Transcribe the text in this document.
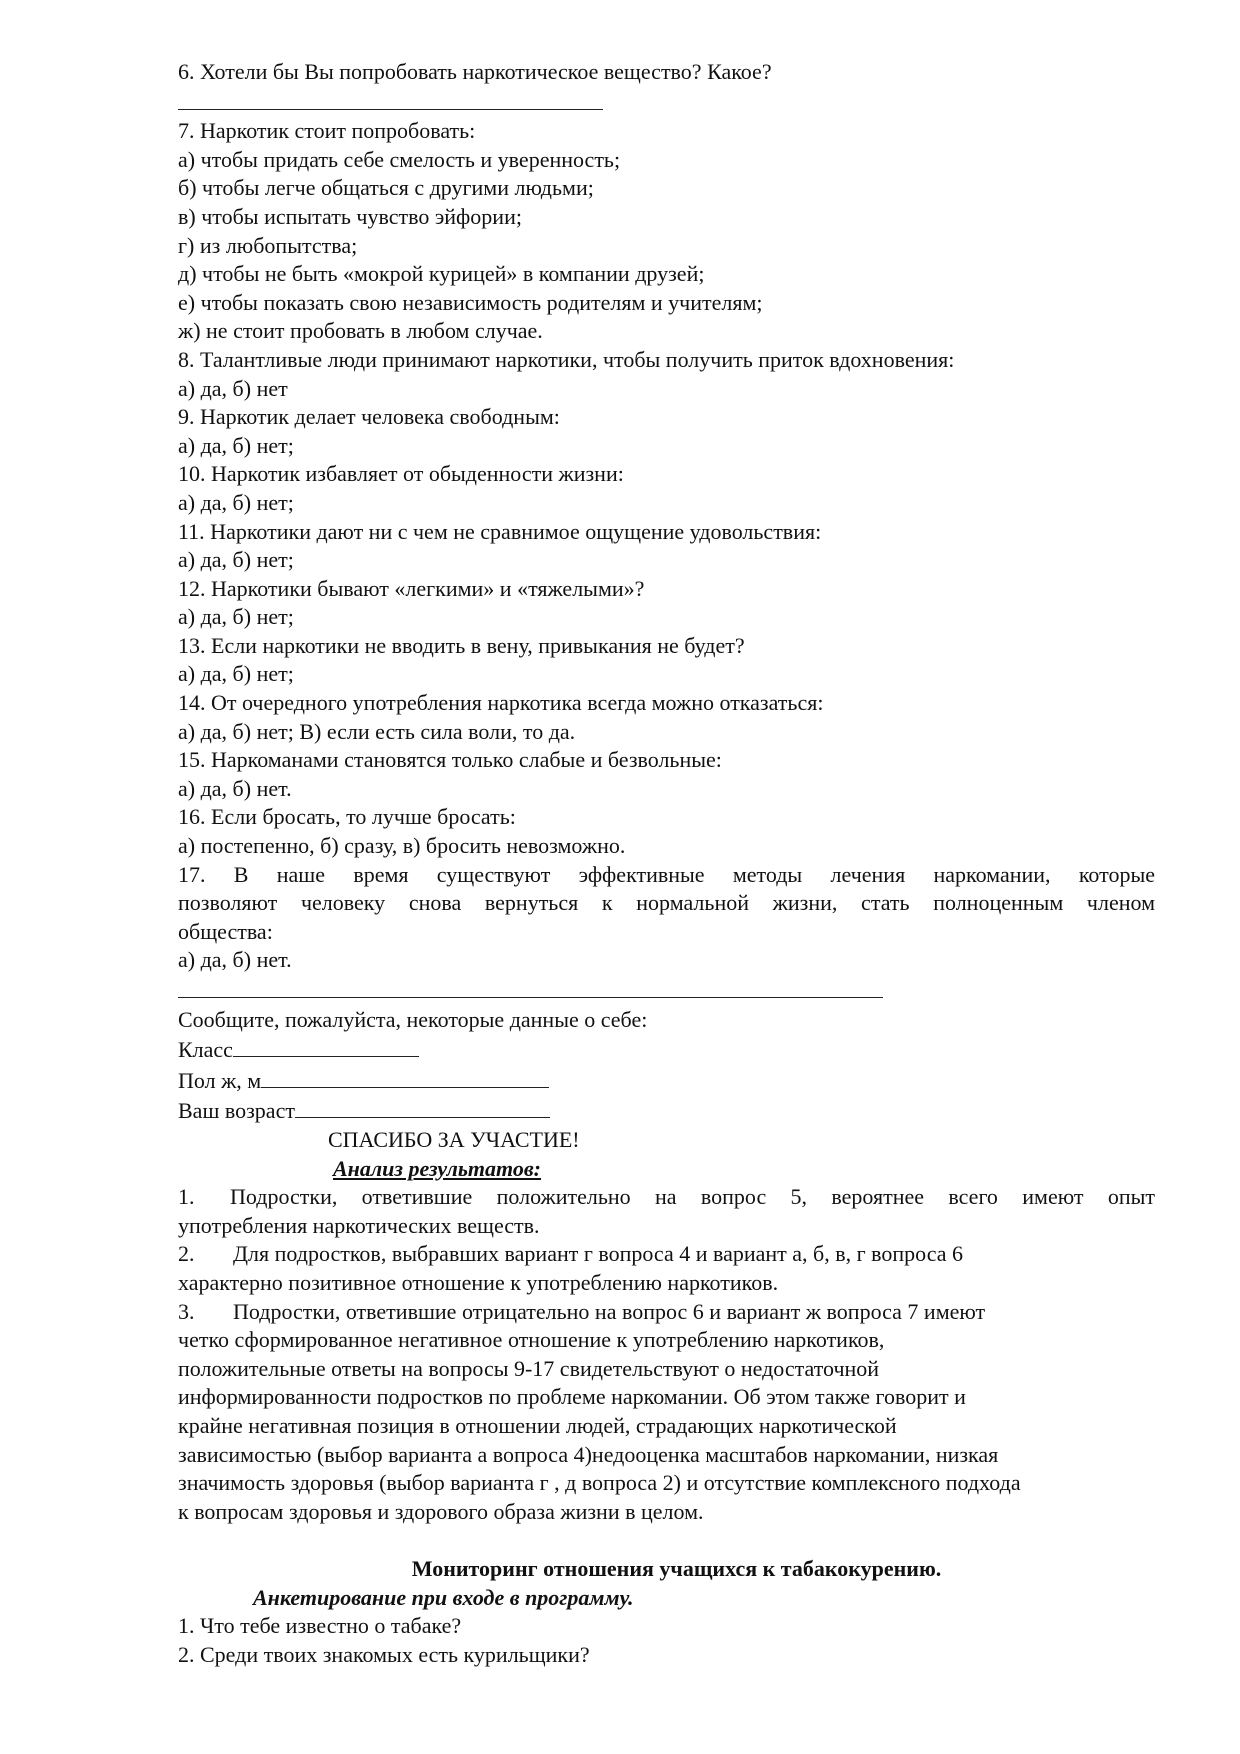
6. Хотели бы Вы попробовать наркотическое вещество? Какое?
7. Наркотик стоит попробовать:
а) чтобы придать себе смелость и уверенность;
б) чтобы легче общаться с другими людьми;
в) чтобы испытать чувство эйфории;
г) из любопытства;
д) чтобы не быть «мокрой курицей» в компании друзей;
е) чтобы показать свою независимость родителям и учителям;
ж) не стоит пробовать в любом случае.
8. Талантливые люди принимают наркотики, чтобы получить приток вдохновения:
а) да, б) нет
9. Наркотик делает человека свободным:
а) да, б) нет;
10. Наркотик избавляет от обыденности жизни:
а) да, б) нет;
11. Наркотики дают ни с чем не сравнимое ощущение удовольствия:
а) да, б) нет;
12. Наркотики бывают «легкими» и «тяжелыми»?
а) да, б) нет;
13. Если наркотики не вводить в вену, привыкания не будет?
а) да, б) нет;
14. От очередного употребления наркотика всегда можно отказаться:
а) да, б) нет; В) если есть сила воли, то да.
15. Наркоманами становятся только слабые и безвольные:
а) да, б) нет.
16. Если бросать, то лучше бросать:
а) постепенно, б) сразу, в) бросить невозможно.
17. В наше время существуют эффективные методы лечения наркомании, которые
позволяют человеку снова вернуться к нормальной жизни, стать полноценным членом
общества:
а) да, б) нет.
Сообщите, пожалуйста, некоторые данные о себе:
Класс
Пол ж, м
Ваш возраст
СПАСИБО ЗА УЧАСТИЕ!
Анализ результатов:
1. Подростки, ответившие положительно на вопрос 5, вероятнее всего имеют опыт
употребления наркотических веществ.
2. Для подростков, выбравших вариант г вопроса 4 и вариант а, б, в, г вопроса 6
характерно позитивное отношение к употреблению наркотиков.
3. Подростки, ответившие отрицательно на вопрос 6 и вариант ж вопроса 7 имеют
четко сформированное негативное отношение к употреблению наркотиков,
положительные ответы на вопросы 9-17 свидетельствуют о недостаточной
информированности подростков по проблеме наркомании. Об этом также говорит и
крайне негативная позиция в отношении людей, страдающих наркотической
зависимостью (выбор варианта а вопроса 4)недооценка масштабов наркомании, низкая
значимость здоровья (выбор варианта г , д вопроса 2) и отсутствие комплексного подхода
к вопросам здоровья и здорового образа жизни в целом.
Мониторинг отношения учащихся к табакокурению.
Анкетирование при входе в программу.
1. Что тебе известно о табаке?
2. Среди твоих знакомых есть курильщики?
